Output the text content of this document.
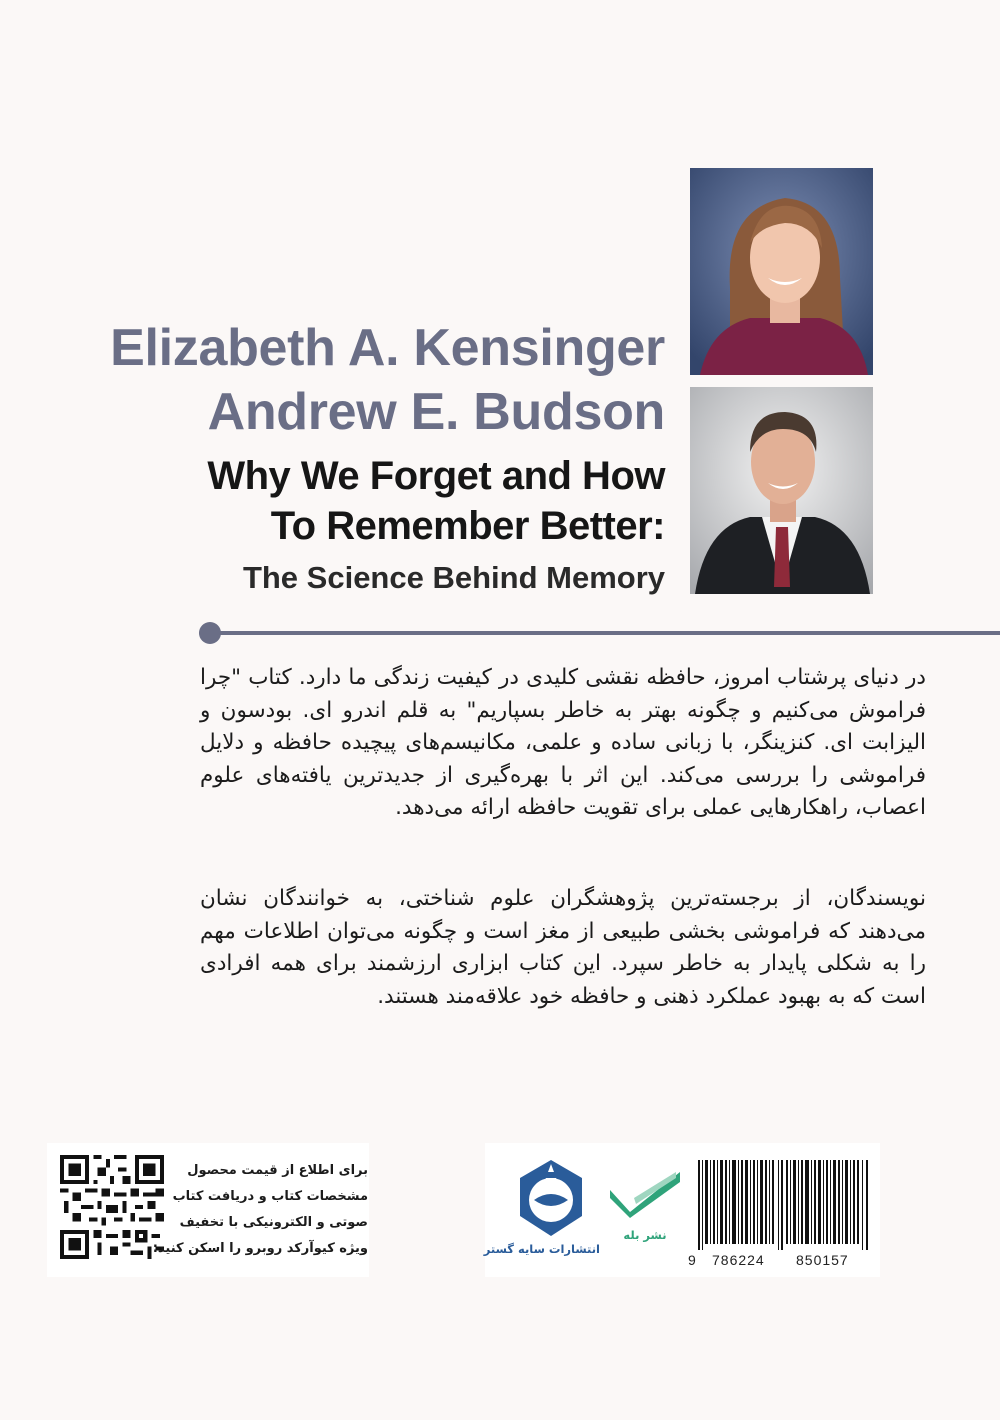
Elizabeth A. Kensinger
Andrew E. Budson
Why We Forget and How
To Remember Better:
The Science Behind Memory

در دنیای پرشتاب امروز، حافظه نقشی کلیدی در کیفیت زندگی ما دارد. کتاب "چرا فراموش می‌کنیم و چگونه بهتر به خاطر بسپاریم" به قلم اندرو ای. بودسون و الیزابت ای. کنزینگر، با زبانی ساده و علمی، مکانیسم‌های پیچیده حافظه و دلایل فراموشی را بررسی می‌کند. این اثر با بهره‌گیری از جدیدترین یافته‌های علوم اعصاب، راهکارهایی عملی برای تقویت حافظه ارائه می‌دهد.

نویسندگان، از برجسته‌ترین پژوهشگران علوم شناختی، به خوانندگان نشان می‌دهند که فراموشی بخشی طبیعی از مغز است و چگونه می‌توان اطلاعات مهم را به شکلی پایدار به خاطر سپرد. این کتاب ابزاری ارزشمند برای همه افرادی است که به بهبود عملکرد ذهنی و حافظه خود علاقه‌مند هستند.

برای اطلاع از قیمت محصول
مشخصات کتاب و دریافت کتاب
صوتی و الکترونیکی با تخفیف
ویژه کیوآرکد روبرو را اسکن کنید:	انتشارات سایه گستر
نشر بله
9 786224 850157
